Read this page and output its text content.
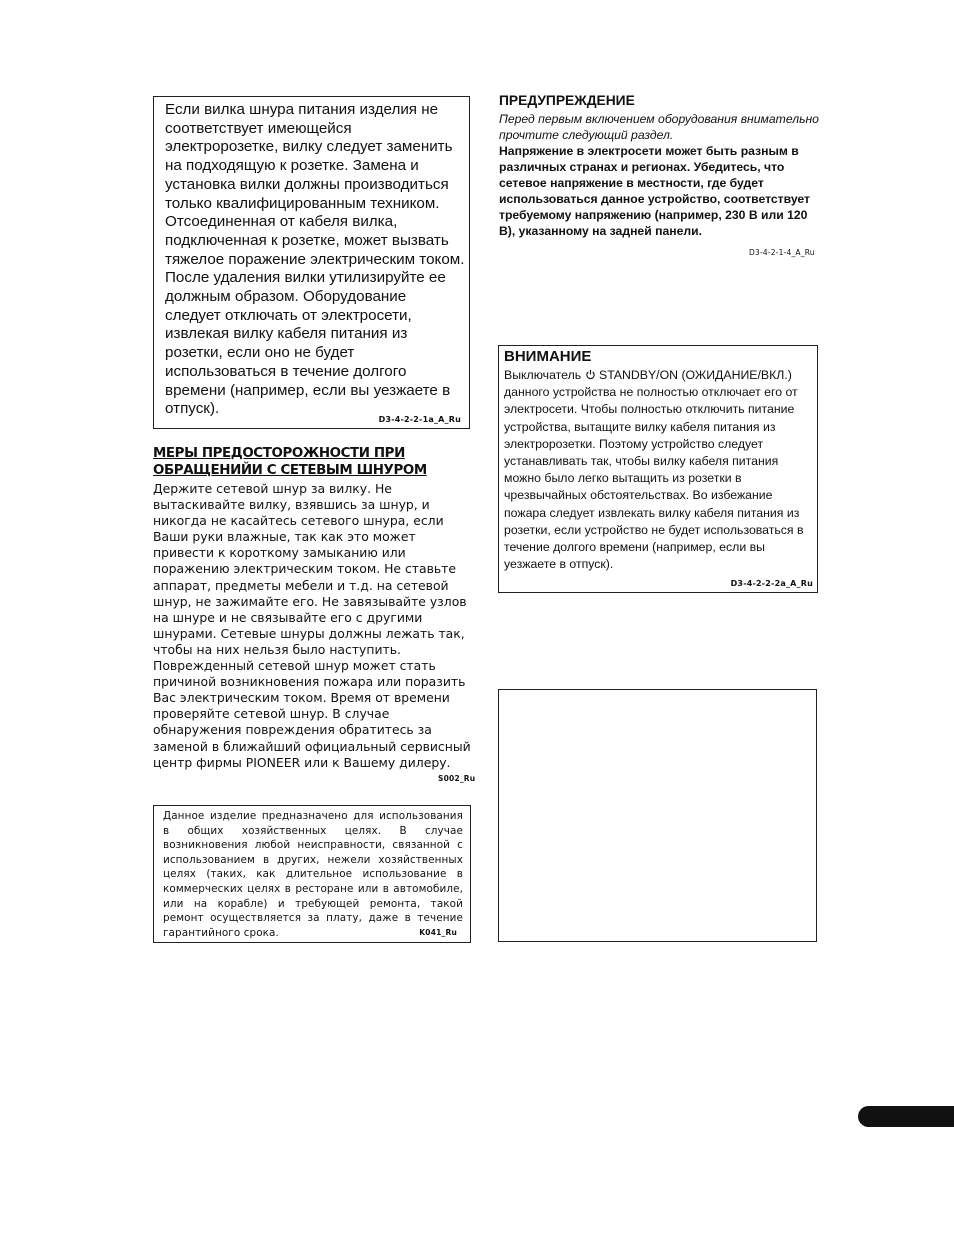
Если вилка шнура питания изделия не соответствует имеющейся электророзетке, вилку следует заменить на подходящую к розетке. Замена и установка вилки должны производиться только квалифицированным техником. Отсоединенная от кабеля вилка, подключенная к розетке, может вызвать тяжелое поражение электрическим током. После удаления вилки утилизируйте ее должным образом. Оборудование следует отключать от электросети, извлекая вилку кабеля питания из розетки, если оно не будет использоваться в течение долгого времени (например, если вы уезжаете в отпуск).
D3-4-2-2-1a_A_Ru
МЕРЫ ПРЕДОСТОРОЖНОСТИ ПРИ ОБРАЩЕНИЙИ С СЕТЕВЫМ ШНУРОМ
Держите сетевой шнур за вилку. Не вытаскивайте вилку, взявшись за шнур, и никогда не касайтесь сетевого шнура, если Ваши руки влажные, так как это может привести к короткому замыканию или поражению электрическим током. Не ставьте аппарат, предметы мебели и т.д. на сетевой шнур, не зажимайте его. Не завязывайте узлов на шнуре и не связывайте его с другими шнурами. Сетевые шнуры должны лежать так, чтобы на них нельзя было наступить. Поврежденный сетевой шнур может стать причиной возникновения пожара или поразить Вас электрическим током. Время от времени проверяйте сетевой шнур. В случае обнаружения повреждения обратитесь за заменой в ближайший официальный сервисный центр фирмы PIONEER или к Вашему дилеру.
S002_Ru
Данное изделие предназначено для использования в общих хозяйственных целях. В случае возникновения любой неисправности, связанной с использованием в других, нежели хозяйственных целях (таких, как длительное использование в коммерческих целях в ресторане или в автомобиле, или на корабле) и требующей ремонта, такой ремонт осуществляется за плату, даже в течение гарантийного срока.	K041_Ru
ПРЕДУПРЕЖДЕНИЕ
Перед первым включением оборудования внимательно прочтите следующий раздел.
Напряжение в электросети может быть разным в различных странах и регионах. Убедитесь, что сетевое напряжение в местности, где будет использоваться данное устройство, соответствует требуемому напряжению (например, 230 В или 120 В), указанному на задней панели.
D3-4-2-1-4_A_Ru
ВНИМАНИЕ
Выключатель  STANDBY/ON (ОЖИДАНИЕ/ВКЛ.) данного устройства не полностью отключает его от электросети. Чтобы полностью отключить питание устройства, вытащите вилку кабеля питания из электророзетки. Поэтому устройство следует устанавливать так, чтобы вилку кабеля питания можно было легко вытащить из розетки в чрезвычайных обстоятельствах. Во избежание пожара следует извлекать вилку кабеля питания из розетки, если устройство не будет использоваться в течение долгого времени (например, если вы уезжаете в отпуск).
D3-4-2-2-2a_A_Ru
